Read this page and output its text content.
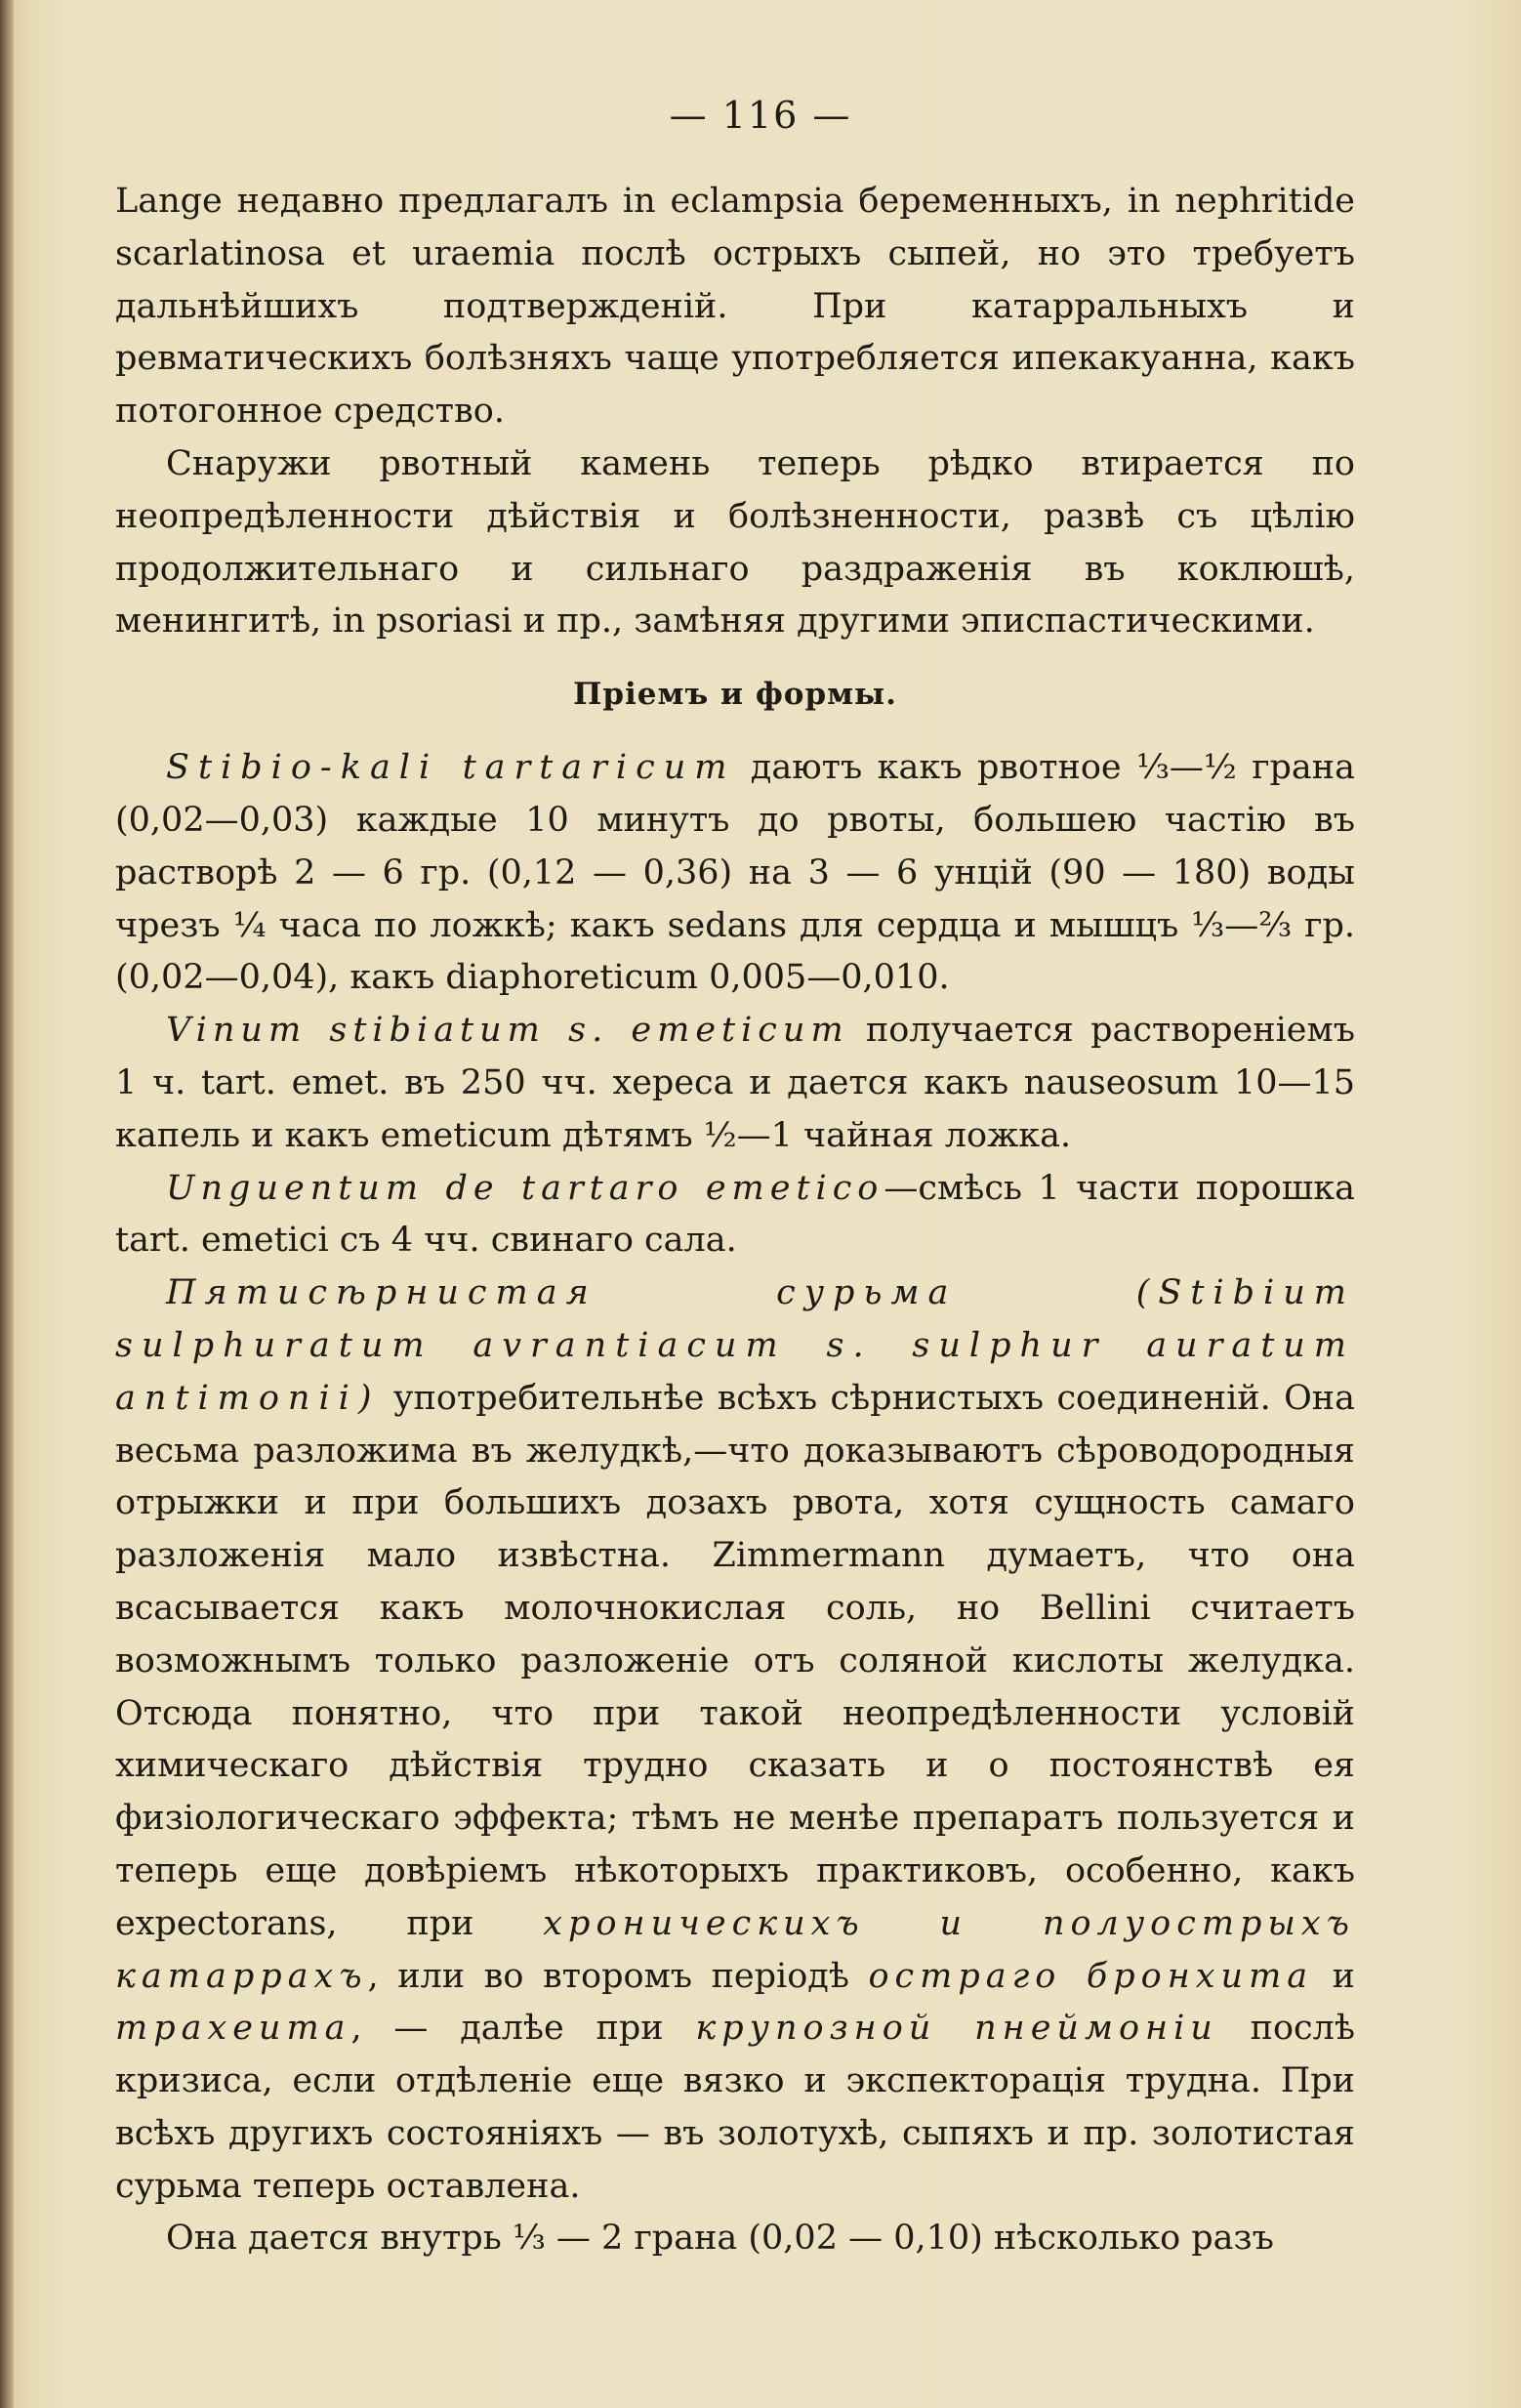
— 116 —

Lange недавно предлагалъ in eclampsia беременныхъ, in nephritide scarlatinosa et uraemia послѣ острыхъ сыпей, но это требуетъ дальнѣйшихъ подтвержденій. При катарральныхъ и ревматическихъ болѣзняхъ чаще употребляется ипекакуанна, какъ потогонное средство.

Снаружи рвотный камень теперь рѣдко втирается по неопредѣленности дѣйствія и болѣзненности, развѣ съ цѣлію продолжительнаго и сильнаго раздраженія въ коклюшѣ, менингитѣ, in psoriasi и пр., замѣняя другими эписпастическими.

Пріемъ и формы.

Stibio-kali tartaricum даютъ какъ рвотное ⅓—½ грана (0,02—0,03) каждые 10 минутъ до рвоты, большею частію въ растворѣ 2 — 6 гр. (0,12 — 0,36) на 3 — 6 унцій (90 — 180) воды чрезъ ¼ часа по ложкѣ; какъ sedans для сердца и мышцъ ⅓—⅔ гр. (0,02—0,04), какъ diaphoreticum 0,005—0,010.

Vinum stibiatum s. emeticum получается раствореніемъ 1 ч. tart. emet. въ 250 чч. хереса и дается какъ nauseosum 10—15 капель и какъ emeticum дѣтямъ ½—1 чайная ложка.

Unguentum de tartaro emetico—смѣсь 1 части порошка tart. emetici съ 4 чч. свинаго сала.

Пятисѣрнистая сурьма (Stibium sulphuratum avrantiacum s. sulphur auratum antimonii) употребительнѣе всѣхъ сѣрнистыхъ соединеній. Она весьма разложима въ желудкѣ,—что доказываютъ сѣроводородныя отрыжки и при большихъ дозахъ рвота, хотя сущность самаго разложенія мало извѣстна. Zimmermann думаетъ, что она всасывается какъ молочнокислая соль, но Bellini считаетъ возможнымъ только разложеніе отъ соляной кислоты желудка. Отсюда понятно, что при такой неопредѣленности условій химическаго дѣйствія трудно сказать и о постоянствѣ ея физіологическаго эффекта; тѣмъ не менѣе препаратъ пользуется и теперь еще довѣріемъ нѣкоторыхъ практиковъ, особенно, какъ expectorans, при хроническихъ и полуострыхъ катаррахъ, или во второмъ періодѣ остраго бронхита и трахеита, — далѣе при крупозной пнеймоніи послѣ кризиса, если отдѣленіе еще вязко и экспекторація трудна. При всѣхъ другихъ состояніяхъ — въ золотухѣ, сыпяхъ и пр. золотистая сурьма теперь оставлена.

Она дается внутрь ⅓ — 2 грана (0,02 — 0,10) нѣсколько разъ
